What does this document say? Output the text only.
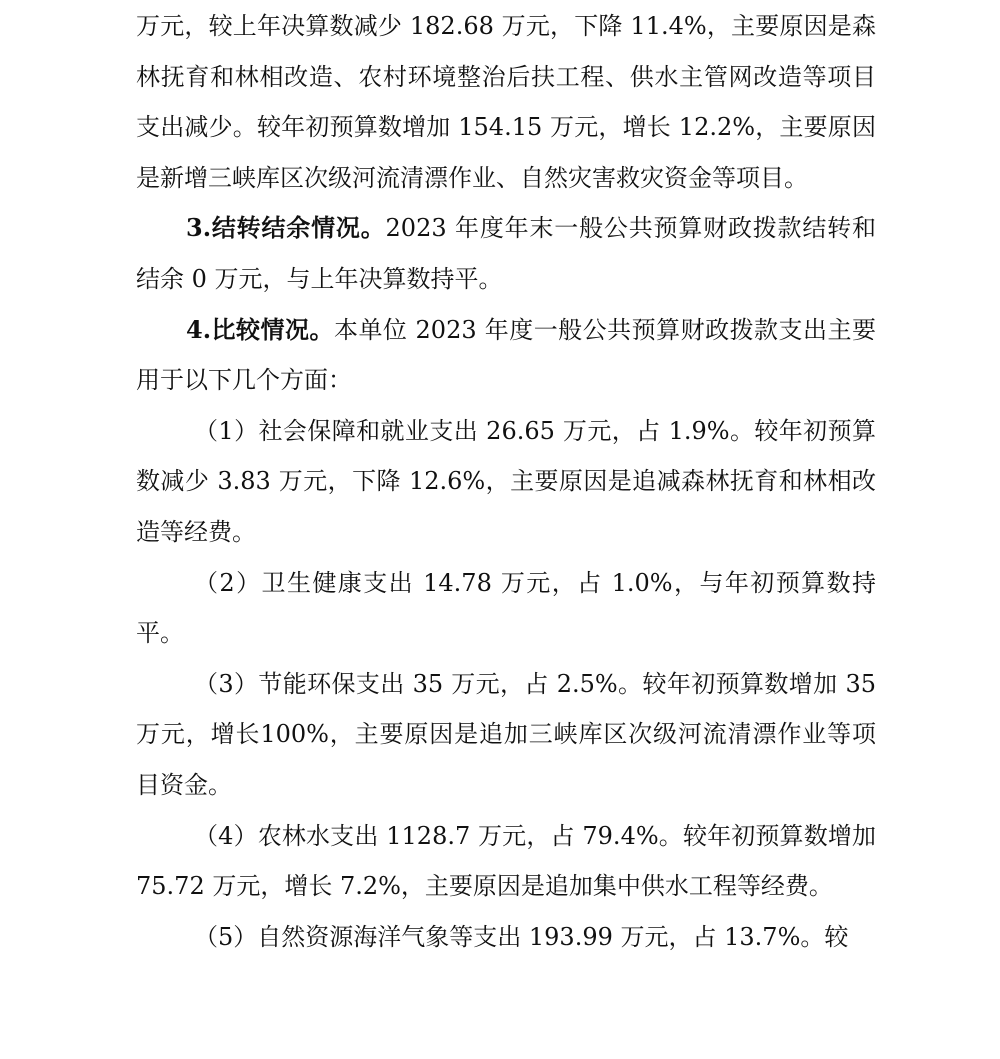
万元，较上年决算数减少 182.68 万元，下降 11.4%，主要原因是森林抚育和林相改造、农村环境整治后扶工程、供水主管网改造等项目支出减少。较年初预算数增加 154.15 万元，增长 12.2%，主要原因是新增三峡库区次级河流清漂作业、自然灾害救灾资金等项目。

3.结转结余情况。2023 年度年末一般公共预算财政拨款结转和结余 0 万元，与上年决算数持平。

4.比较情况。本单位 2023 年度一般公共预算财政拨款支出主要用于以下几个方面：

（1）社会保障和就业支出 26.65 万元，占 1.9%。较年初预算数减少 3.83 万元，下降 12.6%，主要原因是追减森林抚育和林相改造等经费。

（2）卫生健康支出 14.78 万元，占 1.0%，与年初预算数持平。

（3）节能环保支出 35 万元，占 2.5%。较年初预算数增加 35万元，增长100%，主要原因是追加三峡库区次级河流清漂作业等项目资金。

（4）农林水支出 1128.7 万元，占 79.4%。较年初预算数增加 75.72 万元，增长 7.2%，主要原因是追加集中供水工程等经费。

（5）自然资源海洋气象等支出 193.99 万元，占 13.7%。较
